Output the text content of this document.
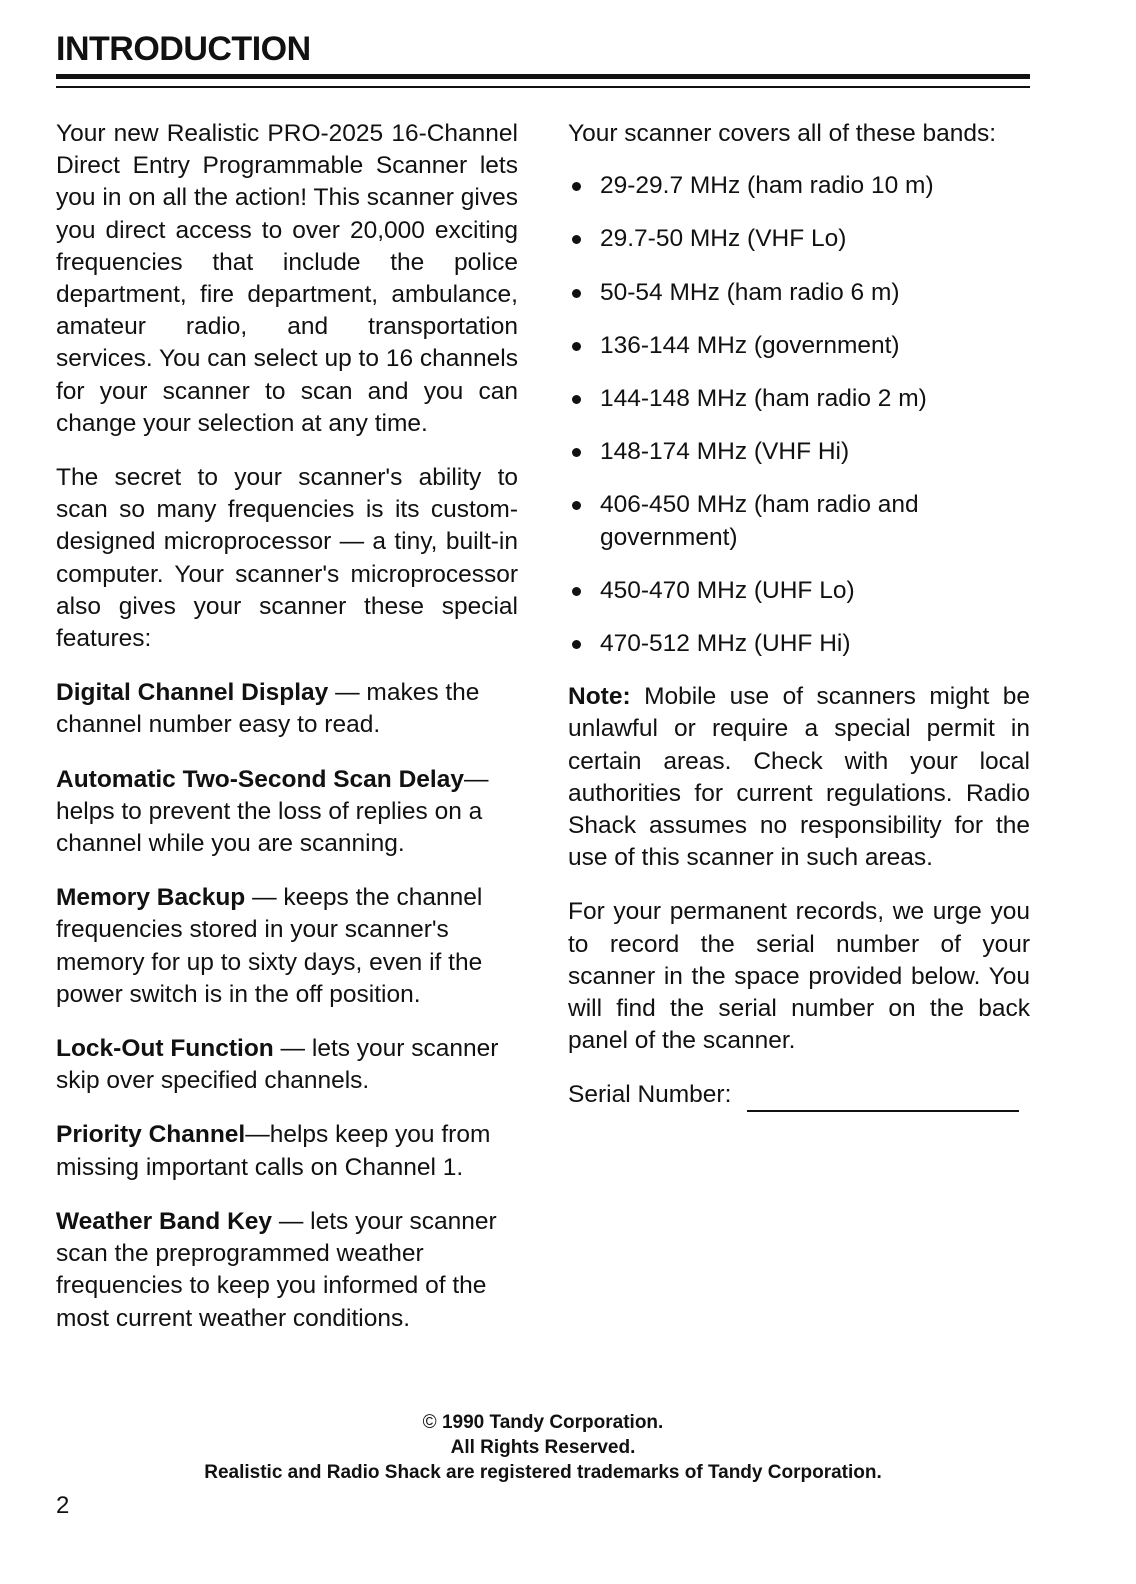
INTRODUCTION

Your new Realistic PRO-2025 16-Channel Direct Entry Programmable Scanner lets you in on all the action! This scanner gives you direct access to over 20,000 exciting frequencies that include the police department, fire department, ambulance, amateur radio, and transportation services. You can select up to 16 channels for your scanner to scan and you can change your selection at any time.

The secret to your scanner's ability to scan so many frequencies is its custom-designed microprocessor — a tiny, built-in computer. Your scanner's microprocessor also gives your scanner these special features:

Digital Channel Display — makes the channel number easy to read.

Automatic Two-Second Scan Delay— helps to prevent the loss of replies on a channel while you are scanning.

Memory Backup — keeps the channel frequencies stored in your scanner's memory for up to sixty days, even if the power switch is in the off position.

Lock-Out Function — lets your scanner skip over specified channels.

Priority Channel—helps keep you from missing important calls on Channel 1.

Weather Band Key — lets your scanner scan the preprogrammed weather frequencies to keep you informed of the most current weather conditions.

Your scanner covers all of these bands:

29-29.7 MHz (ham radio 10 m)
29.7-50 MHz (VHF Lo)
50-54 MHz (ham radio 6 m)
136-144 MHz (government)
144-148 MHz (ham radio 2 m)
148-174 MHz (VHF Hi)
406-450 MHz (ham radio and government)
450-470 MHz (UHF Lo)
470-512 MHz (UHF Hi)

Note: Mobile use of scanners might be unlawful or require a special permit in certain areas. Check with your local authorities for current regulations. Radio Shack assumes no responsibility for the use of this scanner in such areas.

For your permanent records, we urge you to record the serial number of your scanner in the space provided below. You will find the serial number on the back panel of the scanner.

Serial Number:
© 1990 Tandy Corporation.
All Rights Reserved.
Realistic and Radio Shack are registered trademarks of Tandy Corporation.
2
